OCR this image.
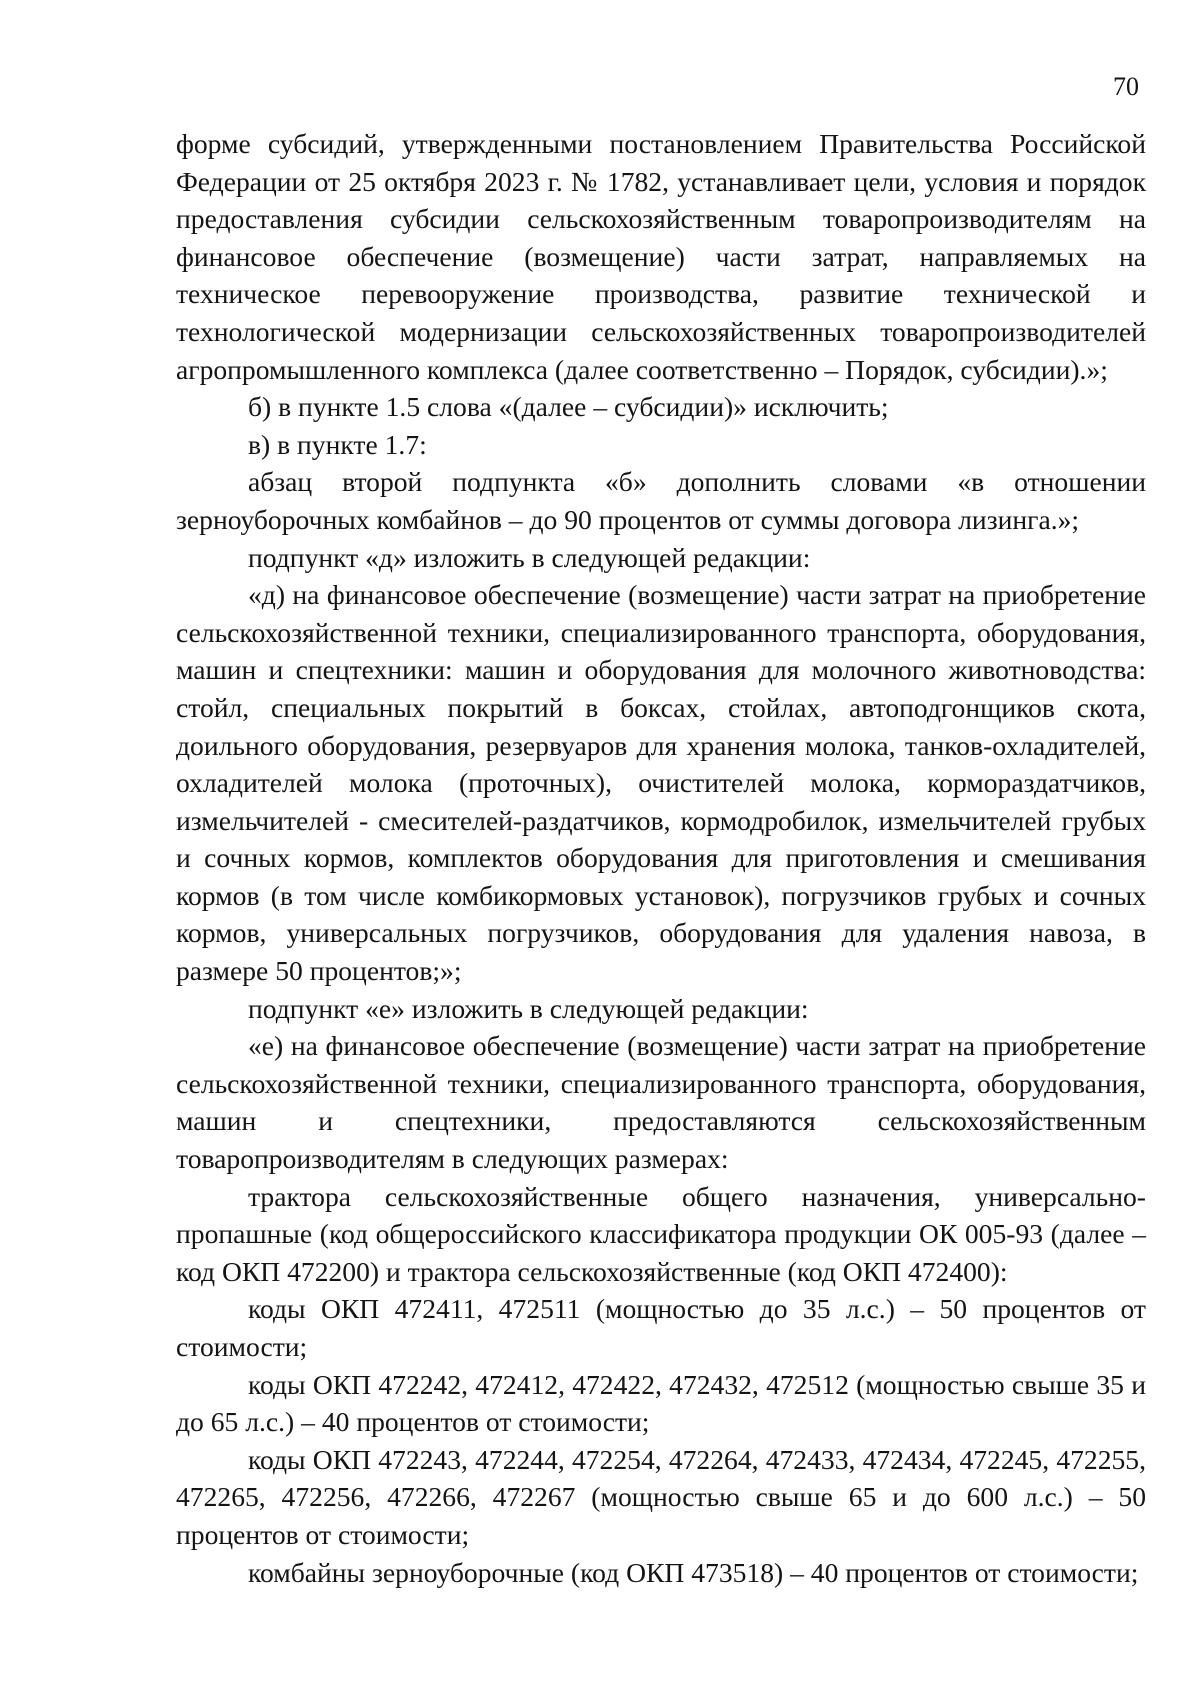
70

форме субсидий, утвержденными постановлением Правительства Российской Федерации от 25 октября 2023 г. № 1782, устанавливает цели, условия и порядок предоставления субсидии сельскохозяйственным товаропроизводителям на финансовое обеспечение (возмещение) части затрат, направляемых на техническое перевооружение производства, развитие технической и технологической модернизации сельскохозяйственных товаропроизводителей агропромышленного комплекса (далее соответственно – Порядок, субсидии).»;

б) в пункте 1.5 слова «(далее – субсидии)» исключить;

в) в пункте 1.7:

абзац второй подпункта «б» дополнить словами «в отношении зерноуборочных комбайнов – до 90 процентов от суммы договора лизинга.»;

подпункт «д» изложить в следующей редакции:

«д) на финансовое обеспечение (возмещение) части затрат на приобретение сельскохозяйственной техники, специализированного транспорта, оборудования, машин и спецтехники: машин и оборудования для молочного животноводства: стойл, специальных покрытий в боксах, стойлах, автоподгонщиков скота, доильного оборудования, резервуаров для хранения молока, танков-охладителей, охладителей молока (проточных), очистителей молока, кормораздатчиков, измельчителей - смесителей-раздатчиков, кормодробилок, измельчителей грубых и сочных кормов, комплектов оборудования для приготовления и смешивания кормов (в том числе комбикормовых установок), погрузчиков грубых и сочных кормов, универсальных погрузчиков, оборудования для удаления навоза, в размере 50 процентов;»;

подпункт «е» изложить в следующей редакции:

«е) на финансовое обеспечение (возмещение) части затрат на приобретение сельскохозяйственной техники, специализированного транспорта, оборудования, машин и спецтехники, предоставляются сельскохозяйственным товаропроизводителям в следующих размерах:

трактора сельскохозяйственные общего назначения, универсально-пропашные (код общероссийского классификатора продукции ОК 005-93 (далее – код ОКП 472200) и трактора сельскохозяйственные (код ОКП 472400):

коды ОКП 472411, 472511 (мощностью до 35 л.с.) – 50 процентов от стоимости;

коды ОКП 472242, 472412, 472422, 472432, 472512 (мощностью свыше 35 и до 65 л.с.) – 40 процентов от стоимости;

коды ОКП 472243, 472244, 472254, 472264, 472433, 472434, 472245, 472255, 472265, 472256, 472266, 472267 (мощностью свыше 65 и до 600 л.с.) – 50 процентов от стоимости;

комбайны зерноуборочные (код ОКП 473518) – 40 процентов от стоимости;
